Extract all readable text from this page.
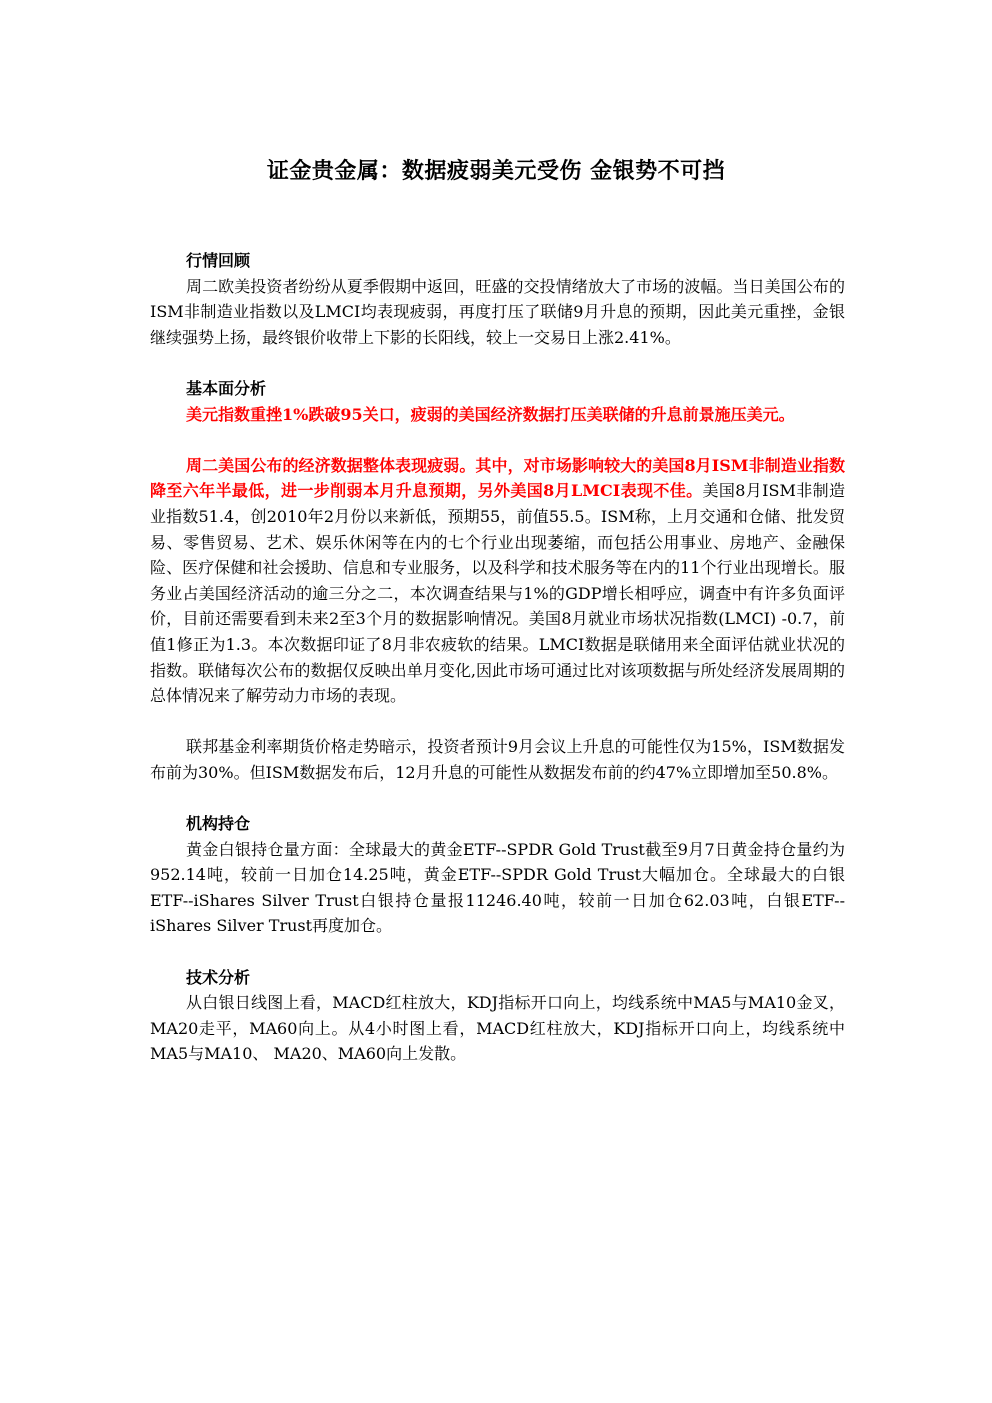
证金贵金属：数据疲弱美元受伤 金银势不可挡
行情回顾

周二欧美投资者纷纷从夏季假期中返回，旺盛的交投情绪放大了市场的波幅。当日美国公布的ISM非制造业指数以及LMCI均表现疲弱，再度打压了联储9月升息的预期，因此美元重挫，金银继续强势上扬，最终银价收带上下影的长阳线，较上一交易日上涨2.41%。

基本面分析

美元指数重挫1%跌破95关口，疲弱的美国经济数据打压美联储的升息前景施压美元。

周二美国公布的经济数据整体表现疲弱。其中，对市场影响较大的美国8月ISM非制造业指数降至六年半最低，进一步削弱本月升息预期，另外美国8月LMCI表现不佳。美国8月ISM非制造业指数51.4，创2010年2月份以来新低，预期55，前值55.5。ISM称，上月交通和仓储、批发贸易、零售贸易、艺术、娱乐休闲等在内的七个行业出现萎缩，而包括公用事业、房地产、金融保险、医疗保健和社会援助、信息和专业服务，以及科学和技术服务等在内的11个行业出现增长。服务业占美国经济活动的逾三分之二，本次调查结果与1%的GDP增长相呼应，调查中有许多负面评价，目前还需要看到未来2至3个月的数据影响情况。美国8月就业市场状况指数(LMCI) -0.7，前值1修正为1.3。本次数据印证了8月非农疲软的结果。LMCI数据是联储用来全面评估就业状况的指数。联储每次公布的数据仅反映出单月变化,因此市场可通过比对该项数据与所处经济发展周期的总体情况来了解劳动力市场的表现。

联邦基金利率期货价格走势暗示，投资者预计9月会议上升息的可能性仅为15%，ISM数据发布前为30%。但ISM数据发布后，12月升息的可能性从数据发布前的约47%立即增加至50.8%。

机构持仓

黄金白银持仓量方面：全球最大的黄金ETF--SPDR Gold Trust截至9月7日黄金持仓量约为952.14吨，较前一日加仓14.25吨，黄金ETF--SPDR Gold Trust大幅加仓。全球最大的白银ETF--iShares Silver Trust白银持仓量报11246.40吨，较前一日加仓62.03吨，白银ETF--iShares Silver Trust再度加仓。

技术分析

从白银日线图上看，MACD红柱放大，KDJ指标开口向上，均线系统中MA5与MA10金叉，MA20走平，MA60向上。从4小时图上看，MACD红柱放大，KDJ指标开口向上，均线系统中MA5与MA10、 MA20、MA60向上发散。
